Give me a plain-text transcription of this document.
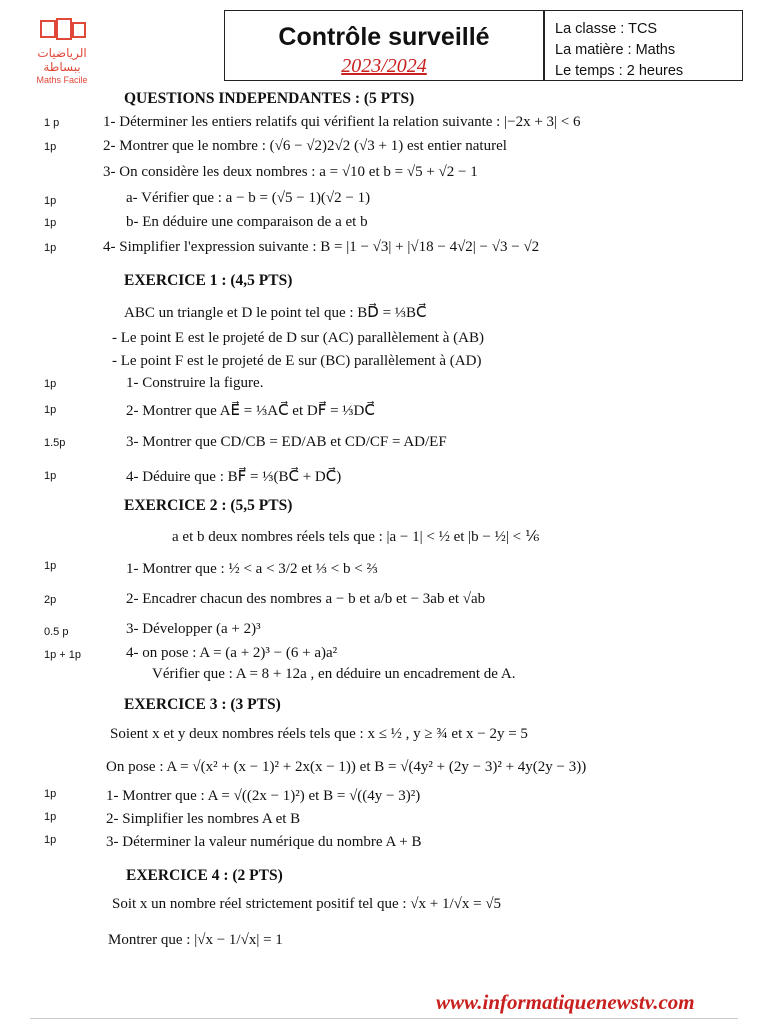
الرياضيات ببساطة
Maths Facile
Contrôle surveillé
2023/2024
La classe : TCS
La matière : Maths
Le temps : 2 heures
1 p
1p
1p
1p
1p
1p
1p
1.5p
1p
1p
2p
0.5 p
1p + 1p
1p
1p
1p
QUESTIONS INDEPENDANTES : (5 PTS)
1- Déterminer les entiers relatifs qui vérifient la relation suivante : |−2x + 3| < 6
2- Montrer que le nombre : (√6 − √2)2√2 (√3 + 1) est entier naturel
3- On considère les deux nombres : a = √10 et b = √5 + √2 − 1
a- Vérifier que : a − b = (√5 − 1)(√2 − 1)
b- En déduire une comparaison de a et b
4- Simplifier l'expression suivante : B = |1 − √3| + |√18 − 4√2| − √3 − √2
EXERCICE 1 : (4,5 PTS)
ABC un triangle et D le point tel que : BD⃗ = ⅓BC⃗
- Le point E est le projeté de D sur (AC) parallèlement à (AB)
- Le point F est le projeté de E sur (BC) parallèlement à (AD)
1- Construire la figure.
2- Montrer que AE⃗ = ⅓AC⃗ et DF⃗ = ⅓DC⃗
3- Montrer que CD/CB = ED/AB et CD/CF = AD/EF
4- Déduire que : BF⃗ = ⅓(BC⃗ + DC⃗)
EXERCICE 2 : (5,5 PTS)
a et b deux nombres réels tels que : |a − 1| < ½ et |b − ½| < ⅙
1- Montrer que : ½ < a < 3/2 et ⅓ < b < ⅔
2- Encadrer chacun des nombres a − b et a/b et − 3ab et √ab
3- Développer (a + 2)³
4- on pose : A = (a + 2)³ − (6 + a)a²
Vérifier que : A = 8 + 12a , en déduire un encadrement de A.
EXERCICE 3 : (3 PTS)
Soient x et y deux nombres réels tels que : x ≤ ½ , y ≥ ¾ et x − 2y = 5
On pose : A = √(x² + (x − 1)² + 2x(x − 1)) et B = √(4y² + (2y − 3)² + 4y(2y − 3))
1- Montrer que : A = √((2x − 1)²) et B = √((4y − 3)²)
2- Simplifier les nombres A et B
3- Déterminer la valeur numérique du nombre A + B
EXERCICE 4 : (2 PTS)
Soit x un nombre réel strictement positif tel que : √x + 1/√x = √5
Montrer que : |√x − 1/√x| = 1
www.informatiquenewstv.com
